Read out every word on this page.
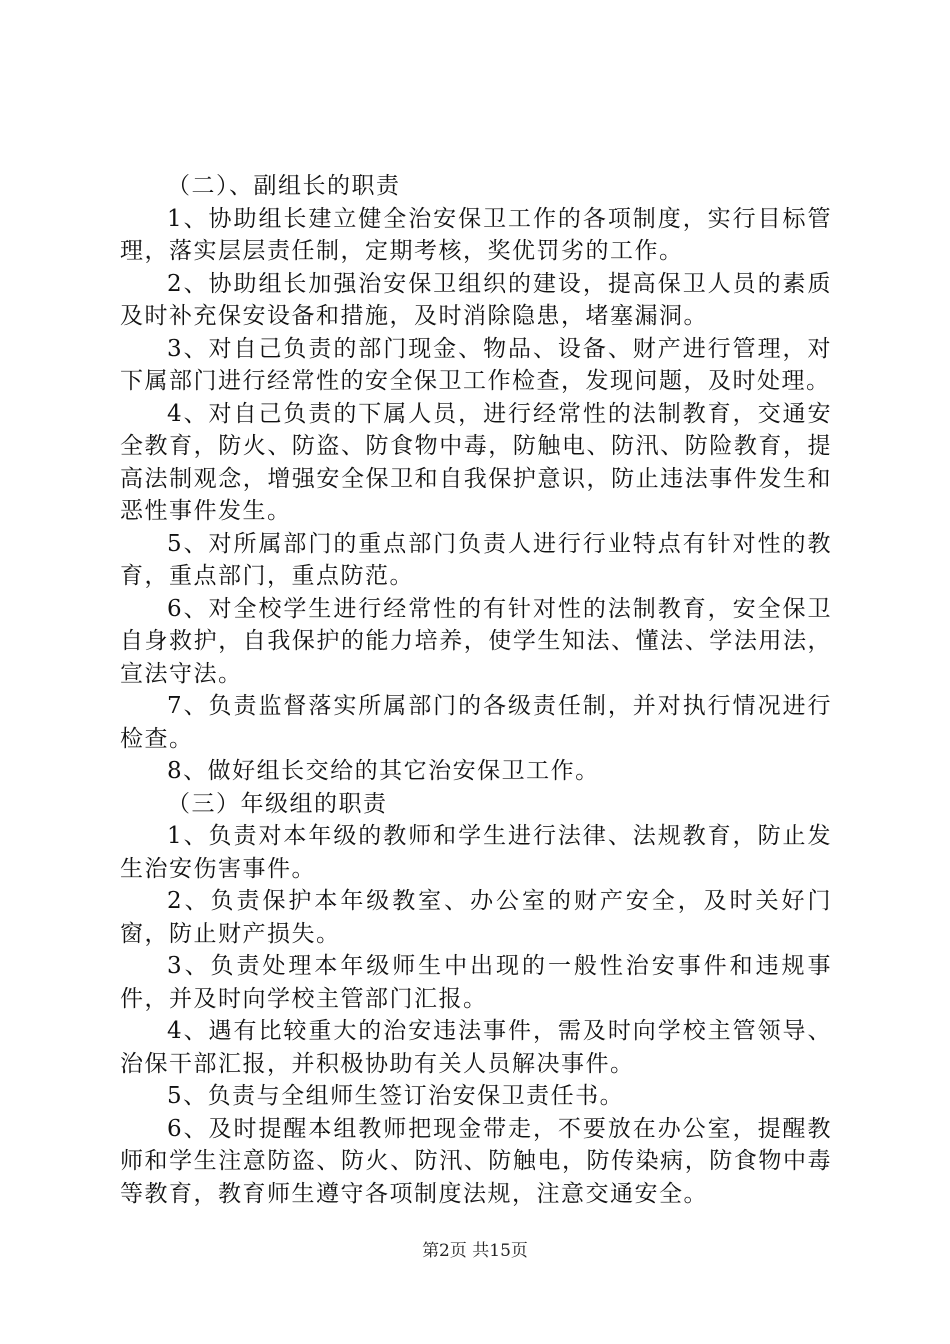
（二）、副组长的职责

1、协助组长建立健全治安保卫工作的各项制度，实行目标管理，落实层层责任制，定期考核，奖优罚劣的工作。

2、协助组长加强治安保卫组织的建设，提高保卫人员的素质及时补充保安设备和措施，及时消除隐患，堵塞漏洞。

3、对自己负责的部门现金、物品、设备、财产进行管理，对下属部门进行经常性的安全保卫工作检查，发现问题，及时处理。

4、对自己负责的下属人员，进行经常性的法制教育，交通安全教育，防火、防盗、防食物中毒，防触电、防汛、防险教育，提高法制观念，增强安全保卫和自我保护意识，防止违法事件发生和恶性事件发生。

5、对所属部门的重点部门负责人进行行业特点有针对性的教育，重点部门，重点防范。

6、对全校学生进行经常性的有针对性的法制教育，安全保卫自身救护，自我保护的能力培养，使学生知法、懂法、学法用法，宣法守法。

7、负责监督落实所属部门的各级责任制，并对执行情况进行检查。

8、做好组长交给的其它治安保卫工作。

（三）年级组的职责

1、负责对本年级的教师和学生进行法律、法规教育，防止发生治安伤害事件。

2、负责保护本年级教室、办公室的财产安全，及时关好门窗，防止财产损失。

3、负责处理本年级师生中出现的一般性治安事件和违规事件，并及时向学校主管部门汇报。

4、遇有比较重大的治安违法事件，需及时向学校主管领导、治保干部汇报，并积极协助有关人员解决事件。

5、负责与全组师生签订治安保卫责任书。

6、及时提醒本组教师把现金带走，不要放在办公室，提醒教师和学生注意防盗、防火、防汛、防触电，防传染病，防食物中毒等教育，教育师生遵守各项制度法规，注意交通安全。

第2页 共15页
